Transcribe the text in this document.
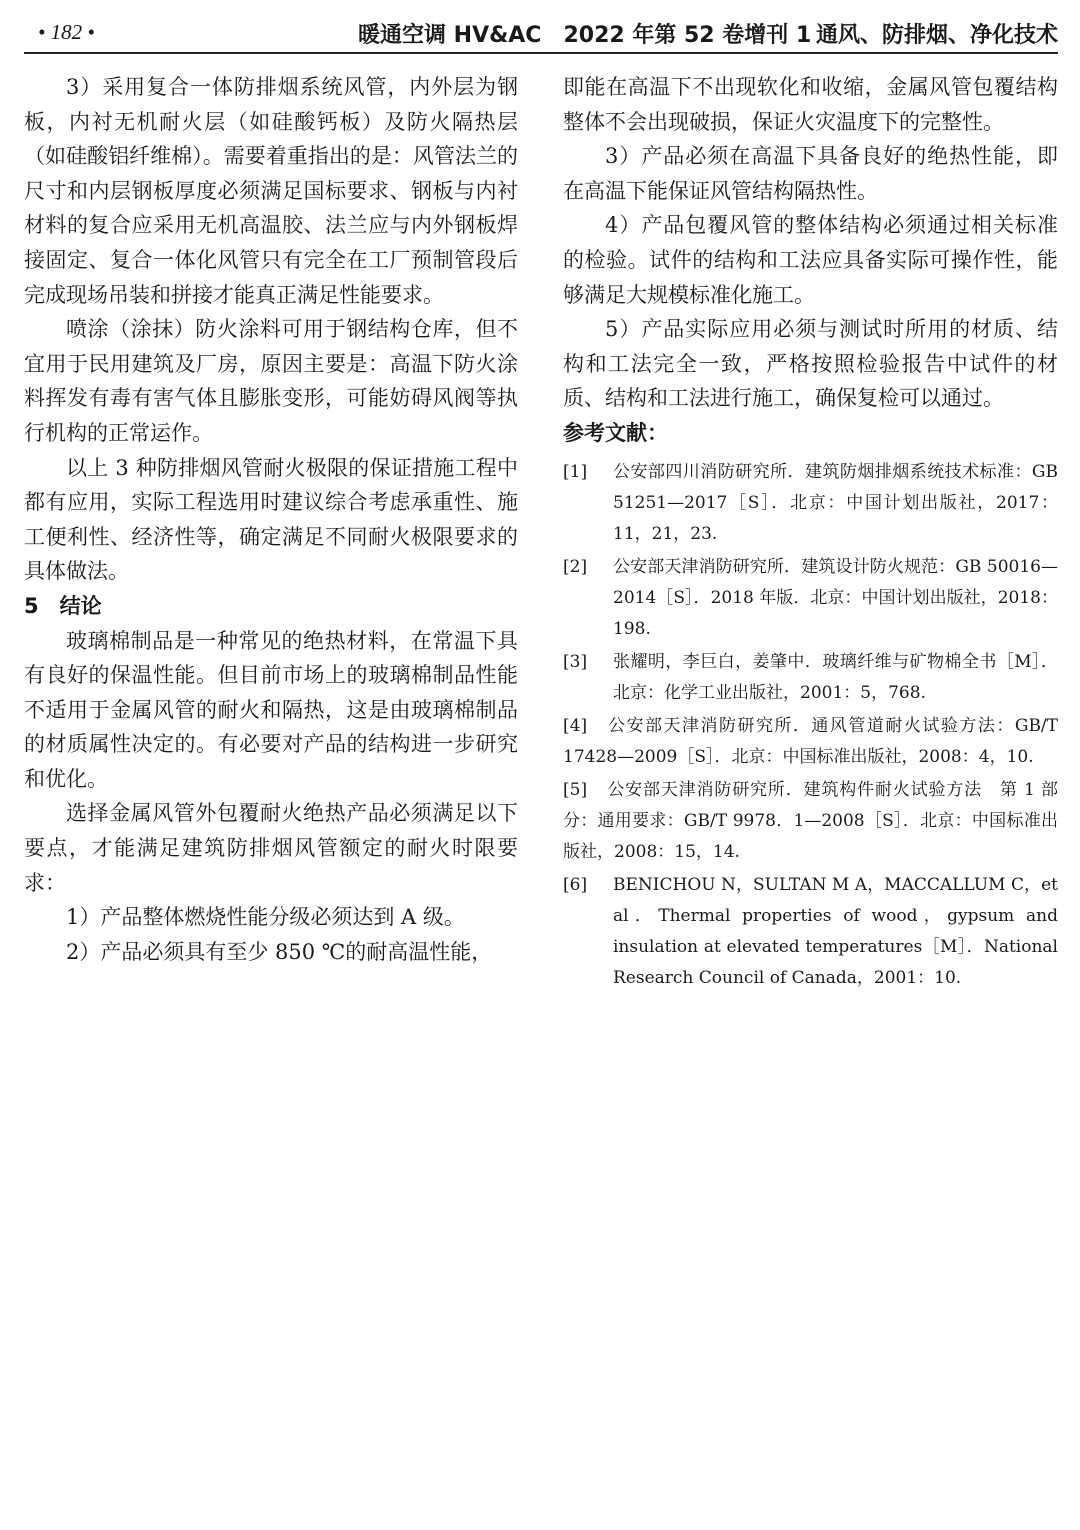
• 182 •	暖通空调 HV&AC　2022 年第 52 卷增刊 1 通风、防排烟、净化技术

3）采用复合一体防排烟系统风管，内外层为钢板，内衬无机耐火层（如硅酸钙板）及防火隔热层（如硅酸铝纤维棉）。需要着重指出的是：风管法兰的尺寸和内层钢板厚度必须满足国标要求、钢板与内衬材料的复合应采用无机高温胶、法兰应与内外钢板焊接固定、复合一体化风管只有完全在工厂预制管段后完成现场吊装和拼接才能真正满足性能要求。

喷涂（涂抹）防火涂料可用于钢结构仓库，但不宜用于民用建筑及厂房，原因主要是：高温下防火涂料挥发有毒有害气体且膨胀变形，可能妨碍风阀等执行机构的正常运作。

以上 3 种防排烟风管耐火极限的保证措施工程中都有应用，实际工程选用时建议综合考虑承重性、施工便利性、经济性等，确定满足不同耐火极限要求的具体做法。

5　结论

玻璃棉制品是一种常见的绝热材料，在常温下具有良好的保温性能。但目前市场上的玻璃棉制品性能不适用于金属风管的耐火和隔热，这是由玻璃棉制品的材质属性决定的。有必要对产品的结构进一步研究和优化。

选择金属风管外包覆耐火绝热产品必须满足以下要点，才能满足建筑防排烟风管额定的耐火时限要求：

1）产品整体燃烧性能分级必须达到 A 级。

2）产品必须具有至少 850 ℃的耐高温性能，

即能在高温下不出现软化和收缩，金属风管包覆结构整体不会出现破损，保证火灾温度下的完整性。

3）产品必须在高温下具备良好的绝热性能，即在高温下能保证风管结构隔热性。

4）产品包覆风管的整体结构必须通过相关标准的检验。试件的结构和工法应具备实际可操作性，能够满足大规模标准化施工。

5）产品实际应用必须与测试时所用的材质、结构和工法完全一致，严格按照检验报告中试件的材质、结构和工法进行施工，确保复检可以通过。

参考文献：
[1] 公安部四川消防研究所．建筑防烟排烟系统技术标准：GB 51251—2017［S］．北京：中国计划出版社，2017：11，21，23.
[2] 公安部天津消防研究所．建筑设计防火规范：GB 50016—2014［S］．2018 年版．北京：中国计划出版社，2018：198.
[3] 张耀明，李巨白，姜肇中．玻璃纤维与矿物棉全书［M］．北京：化学工业出版社，2001：5，768.
[4] 公安部天津消防研究所．通风管道耐火试验方法：GB/T 17428—2009［S］．北京：中国标准出版社，2008：4，10.
[5] 公安部天津消防研究所．建筑构件耐火试验方法　第 1 部分：通用要求：GB/T 9978．1—2008［S］．北京：中国标准出版社，2008：15，14.
[6] BENICHOU N，SULTAN M A，MACCALLUM C，et al．Thermal properties of wood，gypsum and insulation at elevated temperatures［M］．National Research Council of Canada，2001：10.
